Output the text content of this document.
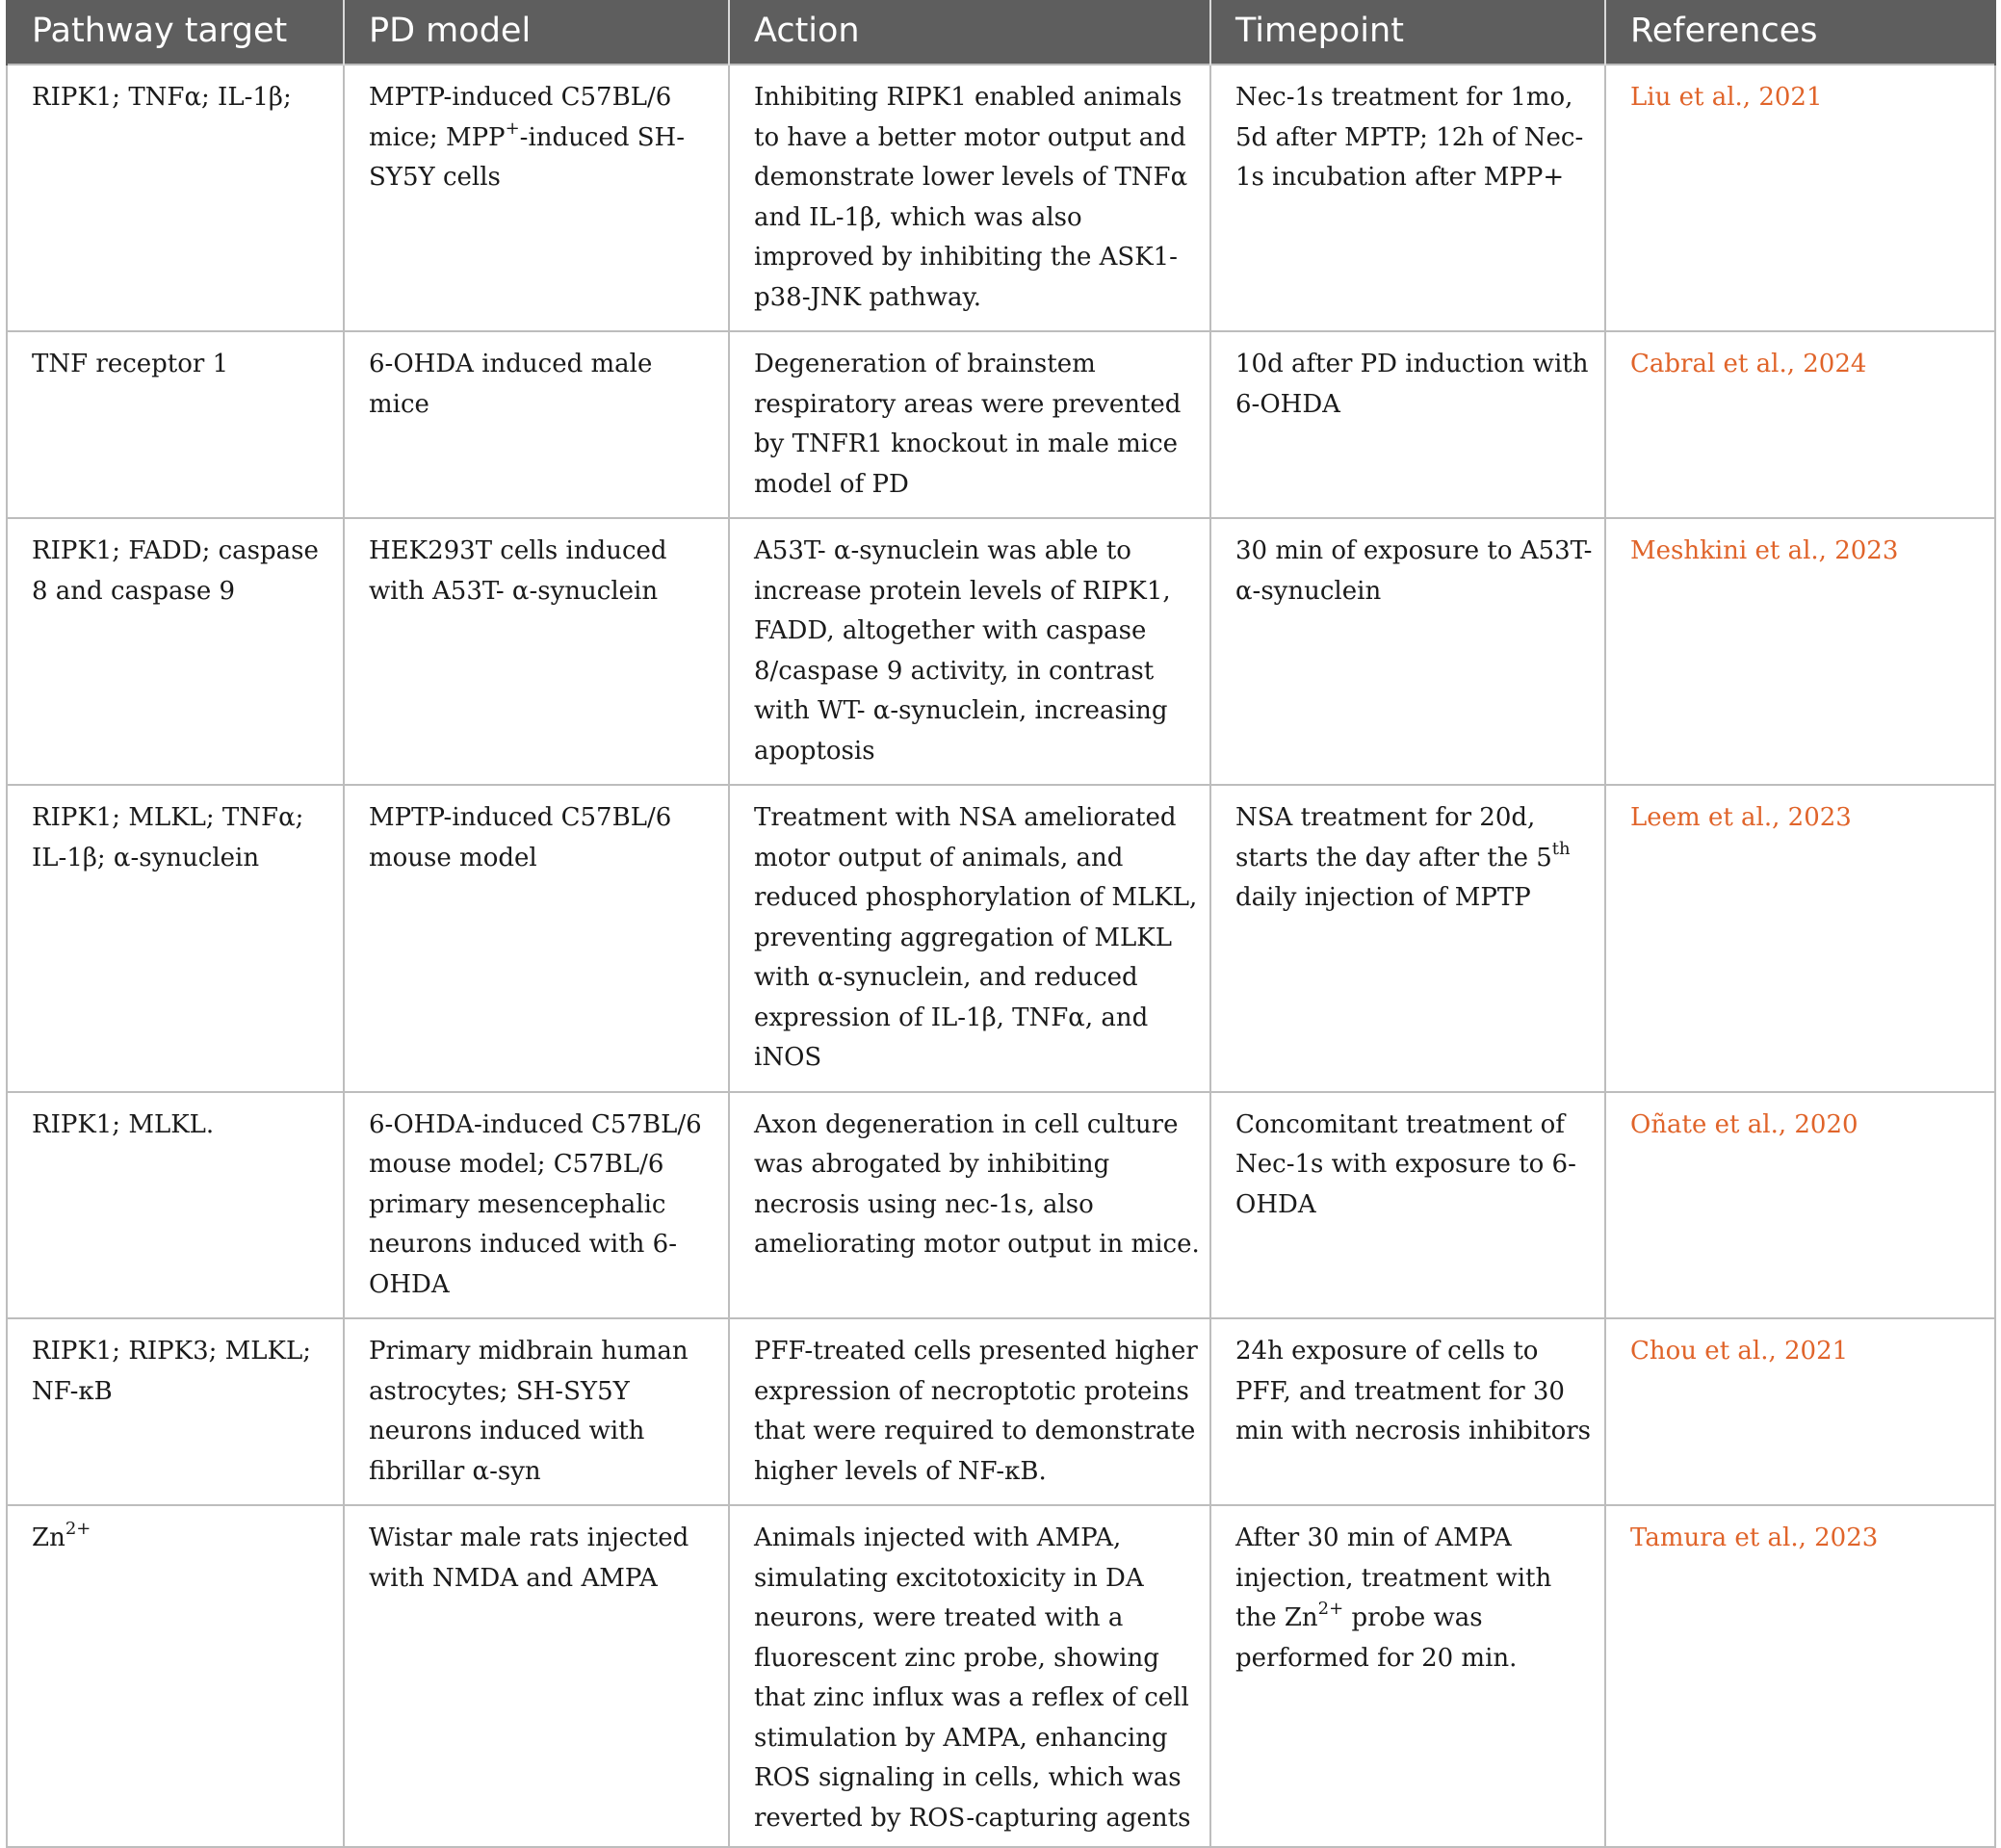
Pathway target	PD model	Action	Timepoint	References
RIPK1; TNFα; IL-1β;	MPTP-induced C57BL/6 mice; MPP+-induced SH-SY5Y cells	Inhibiting RIPK1 enabled animals to have a better motor output and demonstrate lower levels of TNFα and IL-1β, which was also improved by inhibiting the ASK1-p38-JNK pathway.	Nec-1s treatment for 1mo, 5d after MPTP; 12h of Nec-1s incubation after MPP+	Liu et al., 2021
TNF receptor 1	6-OHDA induced male mice	Degeneration of brainstem respiratory areas were prevented by TNFR1 knockout in male mice model of PD	10d after PD induction with 6-OHDA	Cabral et al., 2024
RIPK1; FADD; caspase 8 and caspase 9	HEK293T cells induced with A53T- α-synuclein	A53T- α-synuclein was able to increase protein levels of RIPK1, FADD, altogether with caspase 8/caspase 9 activity, in contrast with WT- α-synuclein, increasing apoptosis	30 min of exposure to A53T- α-synuclein	Meshkini et al., 2023
RIPK1; MLKL; TNFα; IL-1β; α-synuclein	MPTP-induced C57BL/6 mouse model	Treatment with NSA ameliorated motor output of animals, and reduced phosphorylation of MLKL, preventing aggregation of MLKL with α-synuclein, and reduced expression of IL-1β, TNFα, and iNOS	NSA treatment for 20d, starts the day after the 5th daily injection of MPTP	Leem et al., 2023
RIPK1; MLKL.	6-OHDA-induced C57BL/6 mouse model; C57BL/6 primary mesencephalic neurons induced with 6-OHDA	Axon degeneration in cell culture was abrogated by inhibiting necrosis using nec-1s, also ameliorating motor output in mice.	Concomitant treatment of Nec-1s with exposure to 6-OHDA	Oñate et al., 2020
RIPK1; RIPK3; MLKL; NF-κB	Primary midbrain human astrocytes; SH-SY5Y neurons induced with fibrillar α-syn	PFF-treated cells presented higher expression of necroptotic proteins that were required to demonstrate higher levels of NF-κB.	24h exposure of cells to PFF, and treatment for 30 min with necrosis inhibitors	Chou et al., 2021
$Zn^{2+}$	Wistar male rats injected with NMDA and AMPA	Animals injected with AMPA, simulating excitotoxicity in DA neurons, were treated with a fluorescent zinc probe, showing that zinc influx was a reflex of cell stimulation by AMPA, enhancing ROS signaling in cells, which was reverted by ROS-capturing agents	After 30 min of AMPA injection, treatment with the $Zn^{2+}$ probe was performed for 20 min.	Tamura et al., 2023
